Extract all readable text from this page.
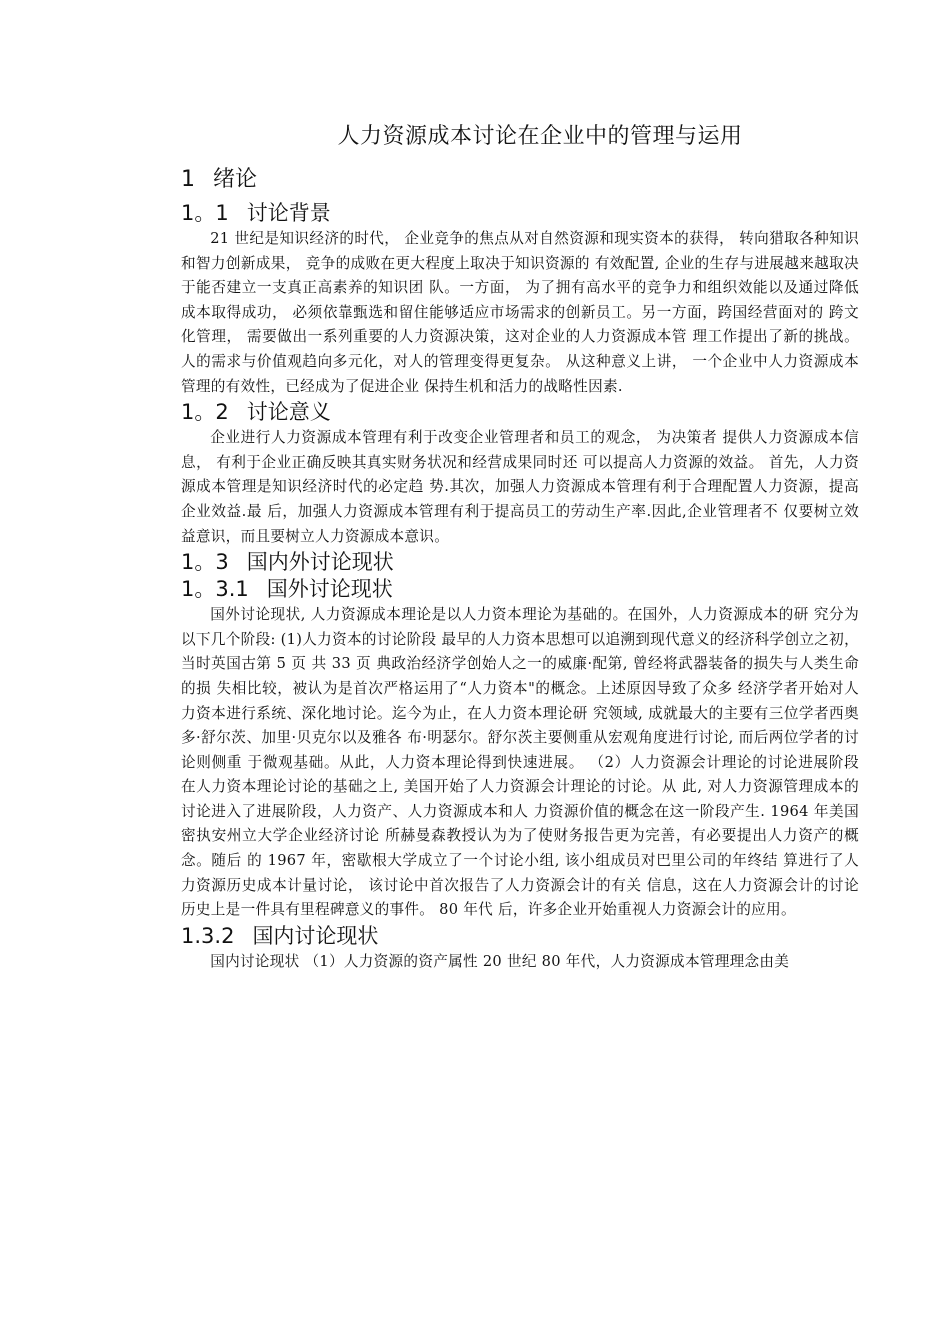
人力资源成本讨论在企业中的管理与运用
1 绪论
1。1 讨论背景

21 世纪是知识经济的时代， 企业竞争的焦点从对自然资源和现实资本的获得， 转向猎取各种知识和智力创新成果， 竞争的成败在更大程度上取决于知识资源的 有效配置, 企业的生存与进展越来越取决于能否建立一支真正高素养的知识团 队。一方面， 为了拥有高水平的竞争力和组织效能以及通过降低成本取得成功， 必须依靠甄选和留住能够适应市场需求的创新员工。另一方面，跨国经营面对的 跨文化管理， 需要做出一系列重要的人力资源决策，这对企业的人力资源成本管 理工作提出了新的挑战。 人的需求与价值观趋向多元化，对人的管理变得更复杂。 从这种意义上讲， 一个企业中人力资源成本管理的有效性，已经成为了促进企业 保持生机和活力的战略性因素.

1。2 讨论意义

企业进行人力资源成本管理有利于改变企业管理者和员工的观念， 为决策者 提供人力资源成本信息， 有利于企业正确反映其真实财务状况和经营成果同时还 可以提高人力资源的效益。 首先，人力资源成本管理是知识经济时代的必定趋 势.其次，加强人力资源成本管理有利于合理配置人力资源，提高企业效益.最 后，加强人力资源成本管理有利于提高员工的劳动生产率.因此,企业管理者不 仅要树立效益意识，而且要树立人力资源成本意识。

1。3 国内外讨论现状
1。3.1 国外讨论现状

国外讨论现状, 人力资源成本理论是以人力资本理论为基础的。在国外，人力资源成本的研 究分为以下几个阶段: (1)人力资本的讨论阶段 最早的人力资本思想可以追溯到现代意义的经济科学创立之初， 当时英国古第 5 页 共 33 页 典政治经济学创始人之一的威廉·配第, 曾经将武器装备的损失与人类生命的损 失相比较，被认为是首次严格运用了“人力资本"的概念。上述原因导致了众多 经济学者开始对人力资本进行系统、深化地讨论。迄今为止，在人力资本理论研 究领域, 成就最大的主要有三位学者西奥多·舒尔茨、加里·贝克尔以及雅各 布·明瑟尔。舒尔茨主要侧重从宏观角度进行讨论, 而后两位学者的讨论则侧重 于微观基础。从此，人力资本理论得到快速进展。 （2）人力资源会计理论的讨论进展阶段 在人力资本理论讨论的基础之上, 美国开始了人力资源会计理论的讨论。从 此, 对人力资源管理成本的讨论进入了进展阶段，人力资产、人力资源成本和人 力资源价值的概念在这一阶段产生. 1964 年美国密执安州立大学企业经济讨论 所赫曼森教授认为为了使财务报告更为完善，有必要提出人力资产的概念。随后 的 1967 年，密歇根大学成立了一个讨论小组, 该小组成员对巴里公司的年终结 算进行了人力资源历史成本计量讨论， 该讨论中首次报告了人力资源会计的有关 信息，这在人力资源会计的讨论历史上是一件具有里程碑意义的事件。 80 年代 后，许多企业开始重视人力资源会计的应用。

1.3.2 国内讨论现状

国内讨论现状 （1）人力资源的资产属性 20 世纪 80 年代，人力资源成本管理理念由美
